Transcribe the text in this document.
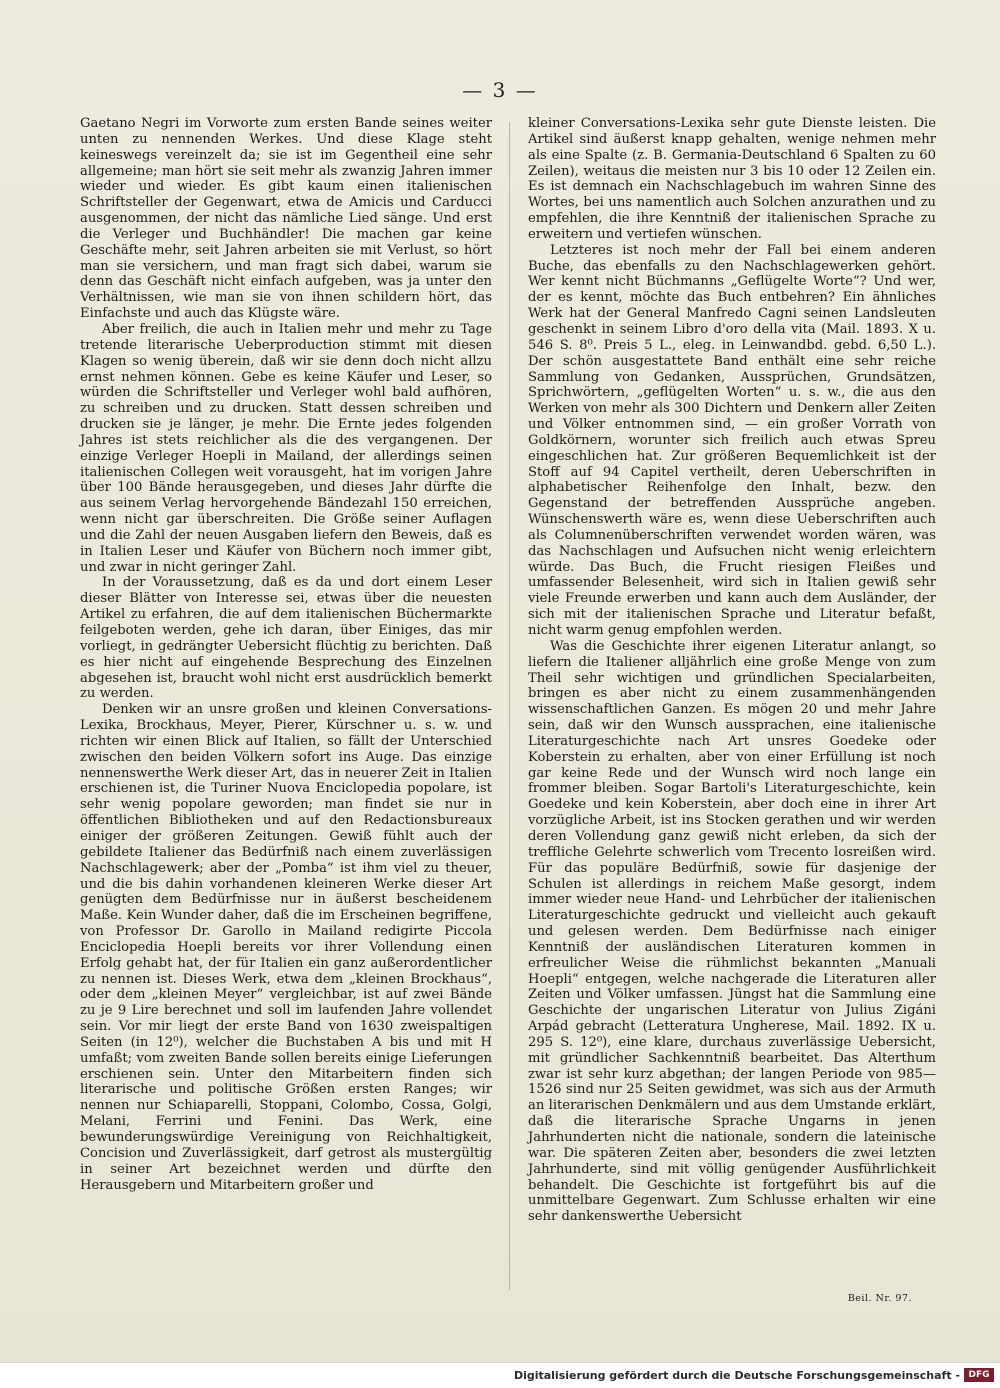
— 3 —

Gaetano Negri im Vorworte zum ersten Bande seines weiter unten zu nennenden Werkes. Und diese Klage steht keineswegs vereinzelt da; sie ist im Gegentheil eine sehr allgemeine; man hört sie seit mehr als zwanzig Jahren immer wieder und wieder. Es gibt kaum einen italienischen Schriftsteller der Gegenwart, etwa de Amicis und Carducci ausgenommen, der nicht das nämliche Lied sänge. Und erst die Verleger und Buchhändler! Die machen gar keine Geschäfte mehr, seit Jahren arbeiten sie mit Verlust, so hört man sie versichern, und man fragt sich dabei, warum sie denn das Geschäft nicht einfach aufgeben, was ja unter den Verhältnissen, wie man sie von ihnen schildern hört, das Einfachste und auch das Klügste wäre.

Aber freilich, die auch in Italien mehr und mehr zu Tage tretende literarische Ueberproduction stimmt mit diesen Klagen so wenig überein, daß wir sie denn doch nicht allzu ernst nehmen können. Gebe es keine Käufer und Leser, so würden die Schriftsteller und Verleger wohl bald aufhören, zu schreiben und zu drucken. Statt dessen schreiben und drucken sie je länger, je mehr. Die Ernte jedes folgenden Jahres ist stets reichlicher als die des vergangenen. Der einzige Verleger Hoepli in Mailand, der allerdings seinen italienischen Collegen weit vorausgeht, hat im vorigen Jahre über 100 Bände herausgegeben, und dieses Jahr dürfte die aus seinem Verlag hervorgehende Bändezahl 150 erreichen, wenn nicht gar überschreiten. Die Größe seiner Auflagen und die Zahl der neuen Ausgaben liefern den Beweis, daß es in Italien Leser und Käufer von Büchern noch immer gibt, und zwar in nicht geringer Zahl.

In der Voraussetzung, daß es da und dort einem Leser dieser Blätter von Interesse sei, etwas über die neuesten Artikel zu erfahren, die auf dem italienischen Büchermarkte feilgeboten werden, gehe ich daran, über Einiges, das mir vorliegt, in gedrängter Uebersicht flüchtig zu berichten. Daß es hier nicht auf eingehende Besprechung des Einzelnen abgesehen ist, braucht wohl nicht erst ausdrücklich bemerkt zu werden.

Denken wir an unsre großen und kleinen Conversations-Lexika, Brockhaus, Meyer, Pierer, Kürschner u. s. w. und richten wir einen Blick auf Italien, so fällt der Unterschied zwischen den beiden Völkern sofort ins Auge. Das einzige nennenswerthe Werk dieser Art, das in neuerer Zeit in Italien erschienen ist, die Turiner Nuova Enciclopedia popolare, ist sehr wenig popolare geworden; man findet sie nur in öffentlichen Bibliotheken und auf den Redactionsbureaux einiger der größeren Zeitungen. Gewiß fühlt auch der gebildete Italiener das Bedürfniß nach einem zuverlässigen Nachschlagewerk; aber der „Pomba“ ist ihm viel zu theuer, und die bis dahin vorhandenen kleineren Werke dieser Art genügten dem Bedürfnisse nur in äußerst bescheidenem Maße. Kein Wunder daher, daß die im Erscheinen begriffene, von Professor Dr. Garollo in Mailand redigirte Piccola Enciclopedia Hoepli bereits vor ihrer Vollendung einen Erfolg gehabt hat, der für Italien ein ganz außerordentlicher zu nennen ist. Dieses Werk, etwa dem „kleinen Brockhaus“, oder dem „kleinen Meyer“ vergleichbar, ist auf zwei Bände zu je 9 Lire berechnet und soll im laufenden Jahre vollendet sein. Vor mir liegt der erste Band von 1630 zweispaltigen Seiten (in 12⁰), welcher die Buchstaben A bis und mit H umfaßt; vom zweiten Bande sollen bereits einige Lieferungen erschienen sein. Unter den Mitarbeitern finden sich literarische und politische Größen ersten Ranges; wir nennen nur Schiaparelli, Stoppani, Colombo, Cossa, Golgi, Melani, Ferrini und Fenini. Das Werk, eine bewunderungswürdige Vereinigung von Reichhaltigkeit, Concision und Zuverlässigkeit, darf getrost als mustergültig in seiner Art bezeichnet werden und dürfte den Herausgebern und Mitarbeitern großer und

kleiner Conversations-Lexika sehr gute Dienste leisten. Die Artikel sind äußerst knapp gehalten, wenige nehmen mehr als eine Spalte (z. B. Germania-Deutschland 6 Spalten zu 60 Zeilen), weitaus die meisten nur 3 bis 10 oder 12 Zeilen ein. Es ist demnach ein Nachschlagebuch im wahren Sinne des Wortes, bei uns namentlich auch Solchen anzurathen und zu empfehlen, die ihre Kenntniß der italienischen Sprache zu erweitern und vertiefen wünschen.

Letzteres ist noch mehr der Fall bei einem anderen Buche, das ebenfalls zu den Nachschlagewerken gehört. Wer kennt nicht Büchmanns „Geflügelte Worte“? Und wer, der es kennt, möchte das Buch entbehren? Ein ähnliches Werk hat der General Manfredo Cagni seinen Landsleuten geschenkt in seinem Libro d'oro della vita (Mail. 1893. X u. 546 S. 8⁰. Preis 5 L., eleg. in Leinwandbd. gebd. 6,50 L.). Der schön ausgestattete Band enthält eine sehr reiche Sammlung von Gedanken, Aussprüchen, Grundsätzen, Sprichwörtern, „geflügelten Worten“ u. s. w., die aus den Werken von mehr als 300 Dichtern und Denkern aller Zeiten und Völker entnommen sind, — ein großer Vorrath von Goldkörnern, worunter sich freilich auch etwas Spreu eingeschlichen hat. Zur größeren Bequemlichkeit ist der Stoff auf 94 Capitel vertheilt, deren Ueberschriften in alphabetischer Reihenfolge den Inhalt, bezw. den Gegenstand der betreffenden Aussprüche angeben. Wünschenswerth wäre es, wenn diese Ueberschriften auch als Columnenüberschriften verwendet worden wären, was das Nachschlagen und Aufsuchen nicht wenig erleichtern würde. Das Buch, die Frucht riesigen Fleißes und umfassender Belesenheit, wird sich in Italien gewiß sehr viele Freunde erwerben und kann auch dem Ausländer, der sich mit der italienischen Sprache und Literatur befaßt, nicht warm genug empfohlen werden.

Was die Geschichte ihrer eigenen Literatur anlangt, so liefern die Italiener alljährlich eine große Menge von zum Theil sehr wichtigen und gründlichen Specialarbeiten, bringen es aber nicht zu einem zusammenhängenden wissenschaftlichen Ganzen. Es mögen 20 und mehr Jahre sein, daß wir den Wunsch aussprachen, eine italienische Literaturgeschichte nach Art unsres Goedeke oder Koberstein zu erhalten, aber von einer Erfüllung ist noch gar keine Rede und der Wunsch wird noch lange ein frommer bleiben. Sogar Bartoli's Literaturgeschichte, kein Goedeke und kein Koberstein, aber doch eine in ihrer Art vorzügliche Arbeit, ist ins Stocken gerathen und wir werden deren Vollendung ganz gewiß nicht erleben, da sich der treffliche Gelehrte schwerlich vom Trecento losreißen wird. Für das populäre Bedürfniß, sowie für dasjenige der Schulen ist allerdings in reichem Maße gesorgt, indem immer wieder neue Hand- und Lehrbücher der italienischen Literaturgeschichte gedruckt und vielleicht auch gekauft und gelesen werden. Dem Bedürfnisse nach einiger Kenntniß der ausländischen Literaturen kommen in erfreulicher Weise die rühmlichst bekannten „Manuali Hoepli“ entgegen, welche nachgerade die Literaturen aller Zeiten und Völker umfassen. Jüngst hat die Sammlung eine Geschichte der ungarischen Literatur von Julius Zigáni Arpád gebracht (Letteratura Ungherese, Mail. 1892. IX u. 295 S. 12⁰), eine klare, durchaus zuverlässige Uebersicht, mit gründlicher Sachkenntniß bearbeitet. Das Alterthum zwar ist sehr kurz abgethan; der langen Periode von 985—1526 sind nur 25 Seiten gewidmet, was sich aus der Armuth an literarischen Denkmälern und aus dem Umstande erklärt, daß die literarische Sprache Ungarns in jenen Jahrhunderten nicht die nationale, sondern die lateinische war. Die späteren Zeiten aber, besonders die zwei letzten Jahrhunderte, sind mit völlig genügender Ausführlichkeit behandelt. Die Geschichte ist fortgeführt bis auf die unmittelbare Gegenwart. Zum Schlusse erhalten wir eine sehr dankenswerthe Uebersicht

Beil. Nr. 97.
Digitalisierung gefördert durch die Deutsche Forschungsgemeinschaft - DFG
